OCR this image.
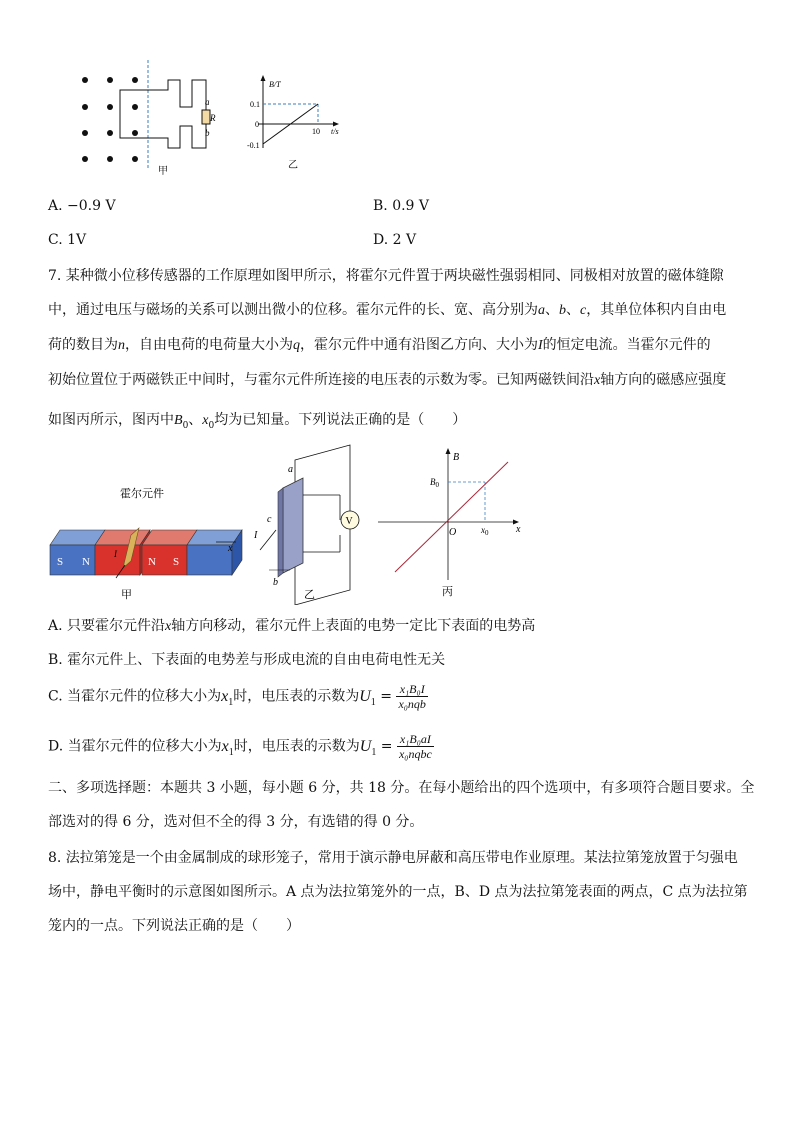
a
R
b
甲
B/T
t/s
0.1
0
-0.1
10
乙
A. −0.9 V	B. 0.9 V
C. 1V	D. 2 V
7. 某种微小位移传感器的工作原理如图甲所示，将霍尔元件置于两块磁性强弱相同、同极相对放置的磁体缝隙
中，通过电压与磁场的关系可以测出微小的位移。霍尔元件的长、宽、高分别为a、b、c，其单位体积内自由电
荷的数目为n，自由电荷的电荷量大小为q，霍尔元件中通有沿图乙方向、大小为I的恒定电流。当霍尔元件的
初始位置位于两磁铁正中间时，与霍尔元件所连接的电压表的示数为零。已知两磁铁间沿x轴方向的磁感应强度
如图丙所示，图丙中$B_0$、$x_0$均为已知量。下列说法正确的是（　　）
霍尔元件
S N
I
N S
x
甲
a
c
I
b
V
乙
B
$B_0$
O	$x_0$	x
丙
A. 只要霍尔元件沿x轴方向移动，霍尔元件上表面的电势一定比下表面的电势高
B. 霍尔元件上、下表面的电势差与形成电流的自由电荷电性无关
C. 当霍尔元件的位移大小为$x_1$时，电压表的示数为$U_1 = \frac{\text{x₁B₀I}}{\text{x₀nqb}}$
D. 当霍尔元件的位移大小为$x_1$时，电压表的示数为$U_1 = \frac{\text{x₁B₀aI}}{\text{x₀nqbc}}$
二、多项选择题：本题共 3 小题，每小题 6 分，共 18 分。在每小题给出的四个选项中，有多项符合题目要求。全
部选对的得 6 分，选对但不全的得 3 分，有选错的得 0 分。
8. 法拉第笼是一个由金属制成的球形笼子，常用于演示静电屏蔽和高压带电作业原理。某法拉第笼放置于匀强电
场中，静电平衡时的示意图如图所示。A 点为法拉第笼外的一点，B、D 点为法拉第笼表面的两点，C 点为法拉第
笼内的一点。下列说法正确的是（　　）
